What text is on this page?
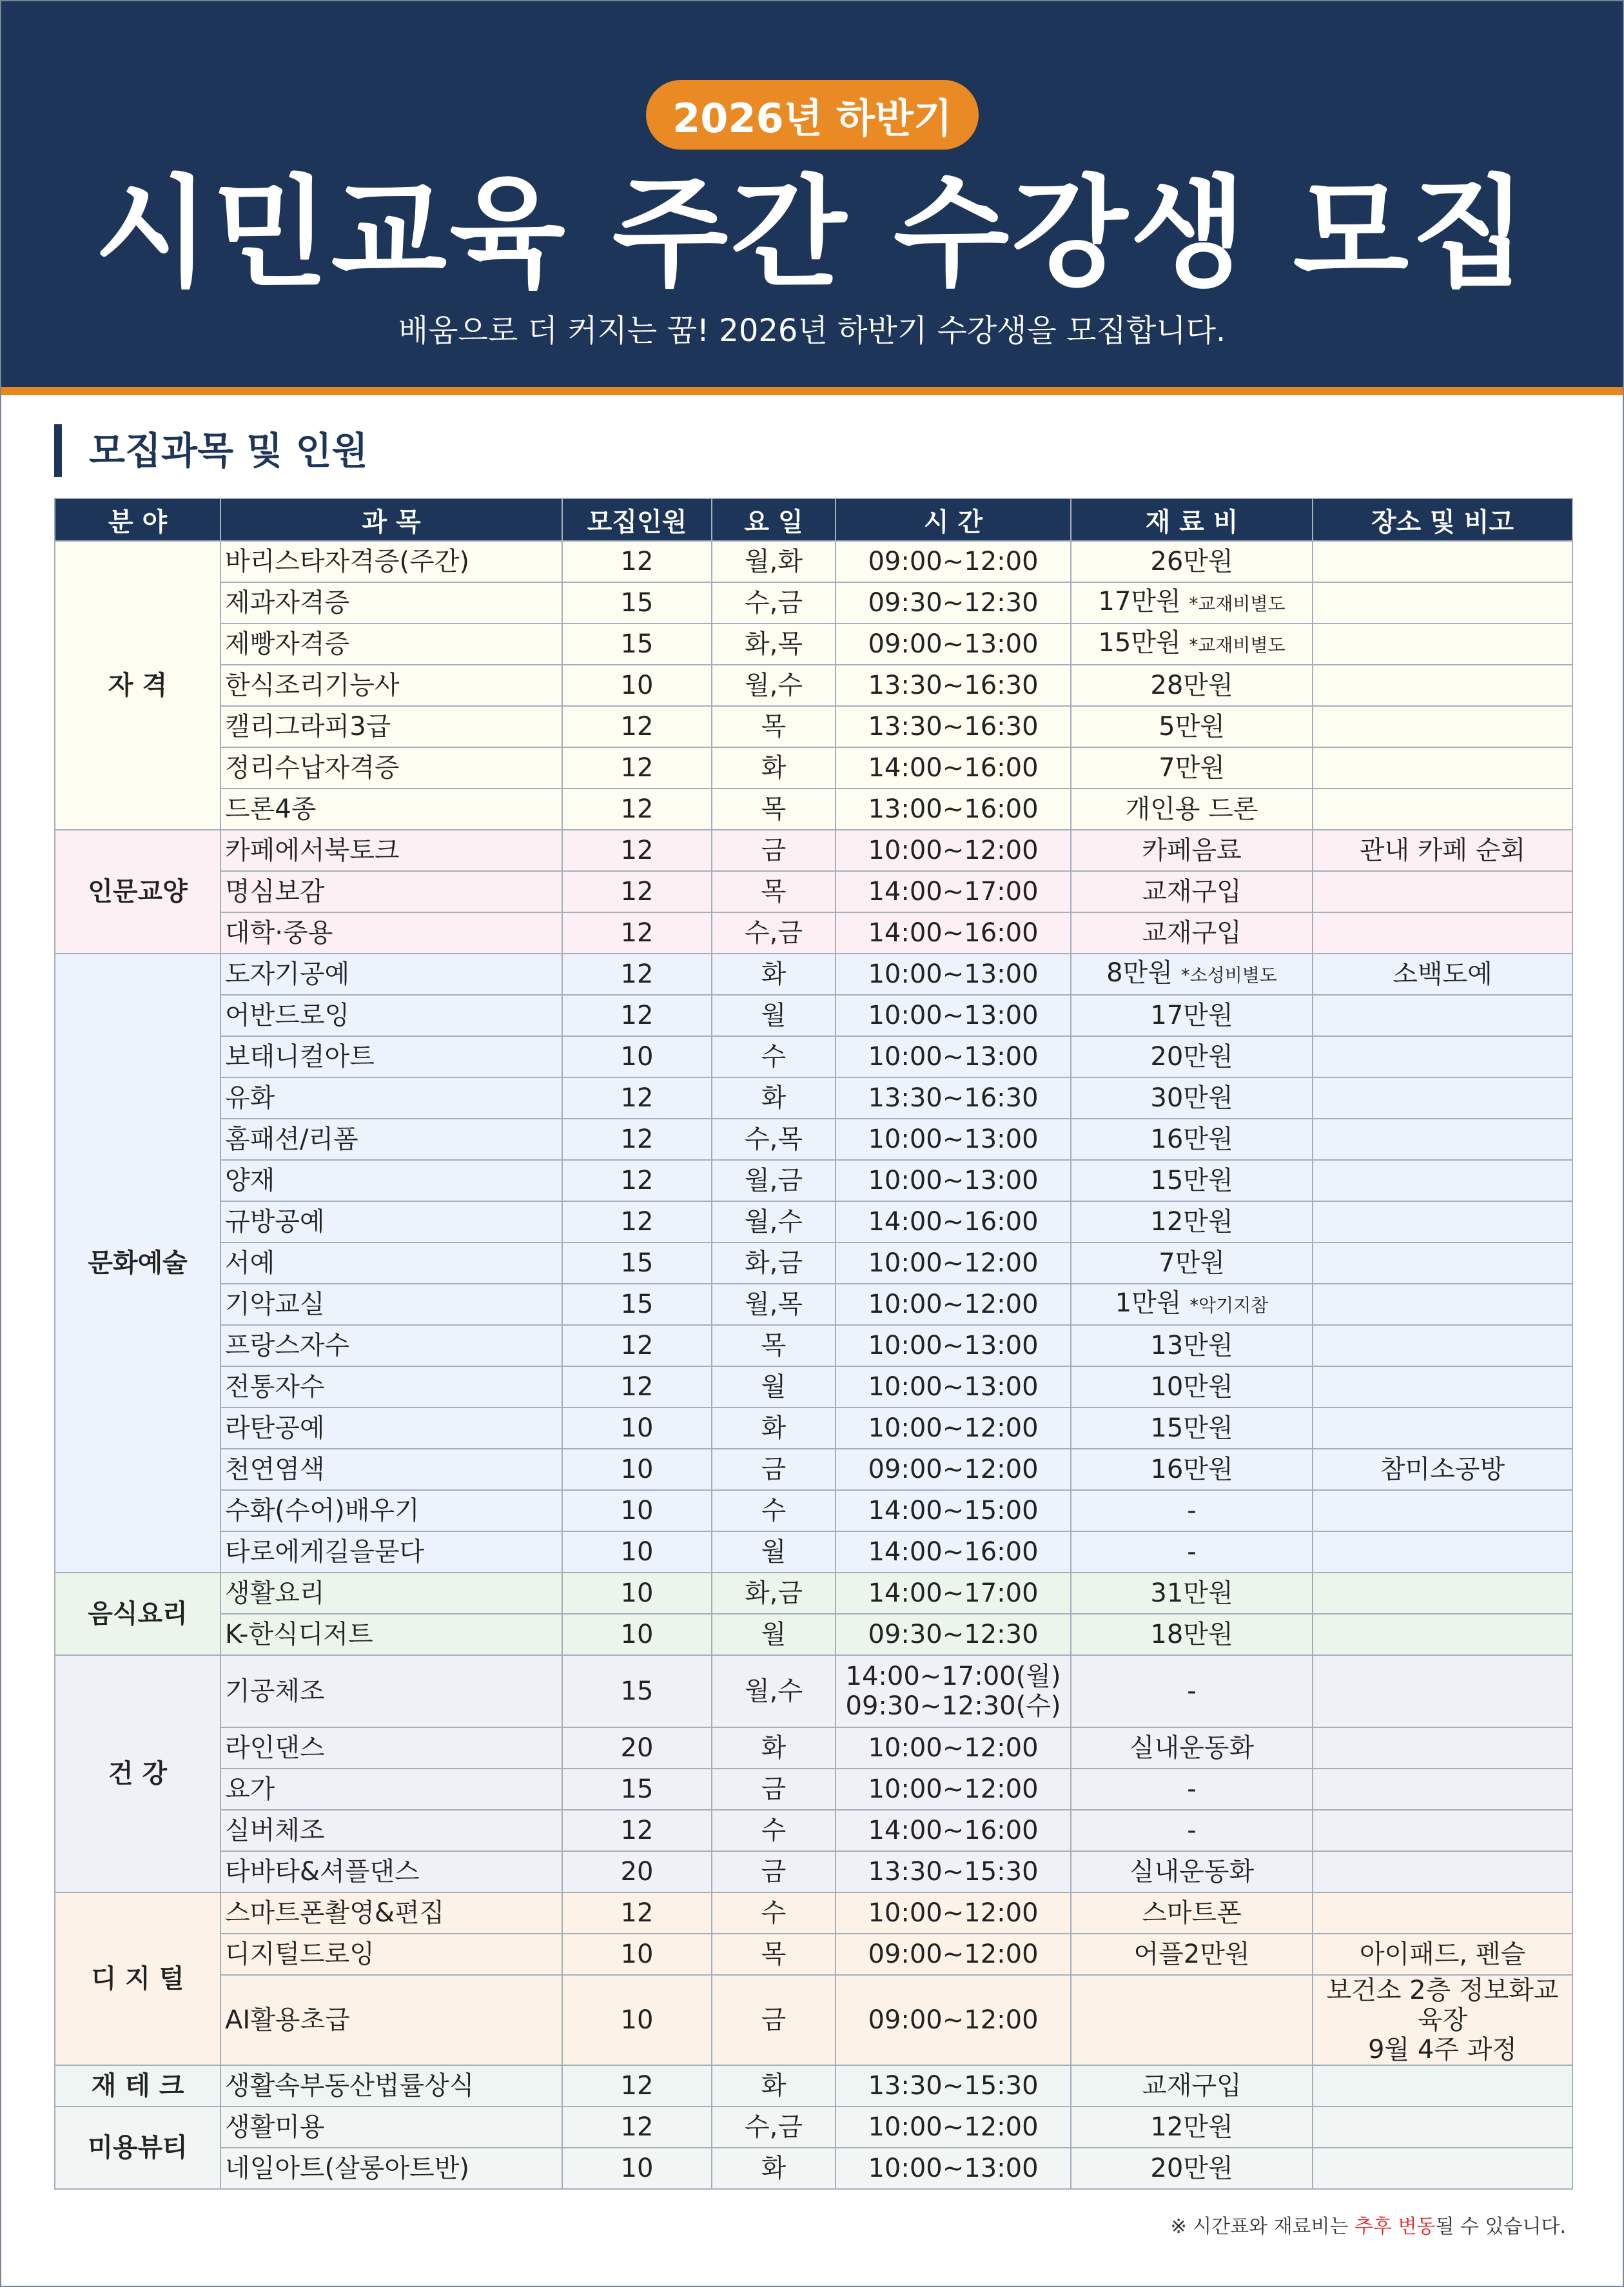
2026년 하반기
시민교육 주간 수강생 모집
배움으로 더 커지는 꿈! 2026년 하반기 수강생을 모집합니다.
모집과목 및 인원
분 야	과 목	모집인원	요 일	시 간	재 료 비	장소 및 비고
자 격	바리스타자격증(주간)	12	월,화	09:00~12:00	26만원	

	제과자격증	15	수,금	09:30~12:30	17만원 *교재비별도	

	제빵자격증	15	화,목	09:00~13:00	15만원 *교재비별도	

	한식조리기능사	10	월,수	13:30~16:30	28만원	

	캘리그라피3급	12	목	13:30~16:30	5만원	

	정리수납자격증	12	화	14:00~16:00	7만원	

	드론4종	12	목	13:00~16:00	개인용 드론	

인문교양	카페에서북토크	12	금	10:00~12:00	카페음료	관내 카페 순회

	명심보감	12	목	14:00~17:00	교재구입	

	대학·중용	12	수,금	14:00~16:00	교재구입	

문화예술	도자기공예	12	화	10:00~13:00	8만원 *소성비별도	소백도예

	어반드로잉	12	월	10:00~13:00	17만원	

	보태니컬아트	10	수	10:00~13:00	20만원	

	유화	12	화	13:30~16:30	30만원	

	홈패션/리폼	12	수,목	10:00~13:00	16만원	

	양재	12	월,금	10:00~13:00	15만원	

	규방공예	12	월,수	14:00~16:00	12만원	

	서예	15	화,금	10:00~12:00	7만원	

	기악교실	15	월,목	10:00~12:00	1만원 *악기지참	

	프랑스자수	12	목	10:00~13:00	13만원	

	전통자수	12	월	10:00~13:00	10만원	

	라탄공예	10	화	10:00~12:00	15만원	

	천연염색	10	금	09:00~12:00	16만원	참미소공방

	수화(수어)배우기	10	수	14:00~15:00	-	

	타로에게길을묻다	10	월	14:00~16:00	-	

음식요리	생활요리	10	화,금	14:00~17:00	31만원	

	K-한식디저트	10	월	09:30~12:30	18만원	

건 강	기공체조	15	월,수	14:00~17:00(월)
09:30~12:30(수)	-	

	라인댄스	20	화	10:00~12:00	실내운동화	

	요가	15	금	10:00~12:00	-	

	실버체조	12	수	14:00~16:00	-	

	타바타&셔플댄스	20	금	13:30~15:30	실내운동화	

디 지 털	스마트폰촬영&편집	12	수	10:00~12:00	스마트폰	

	디지털드로잉	10	목	09:00~12:00	어플2만원	아이패드, 펜슬

	AI활용초급	10	금	09:00~12:00		보건소 2층 정보화교육장
9월 4주 과정

재 테 크	생활속부동산법률상식	12	화	13:30~15:30	교재구입	

미용뷰티	생활미용	12	수,금	10:00~12:00	12만원	

	네일아트(살롱아트반)	10	화	10:00~13:00	20만원	
※ 시간표와 재료비는 추후 변동될 수 있습니다.
